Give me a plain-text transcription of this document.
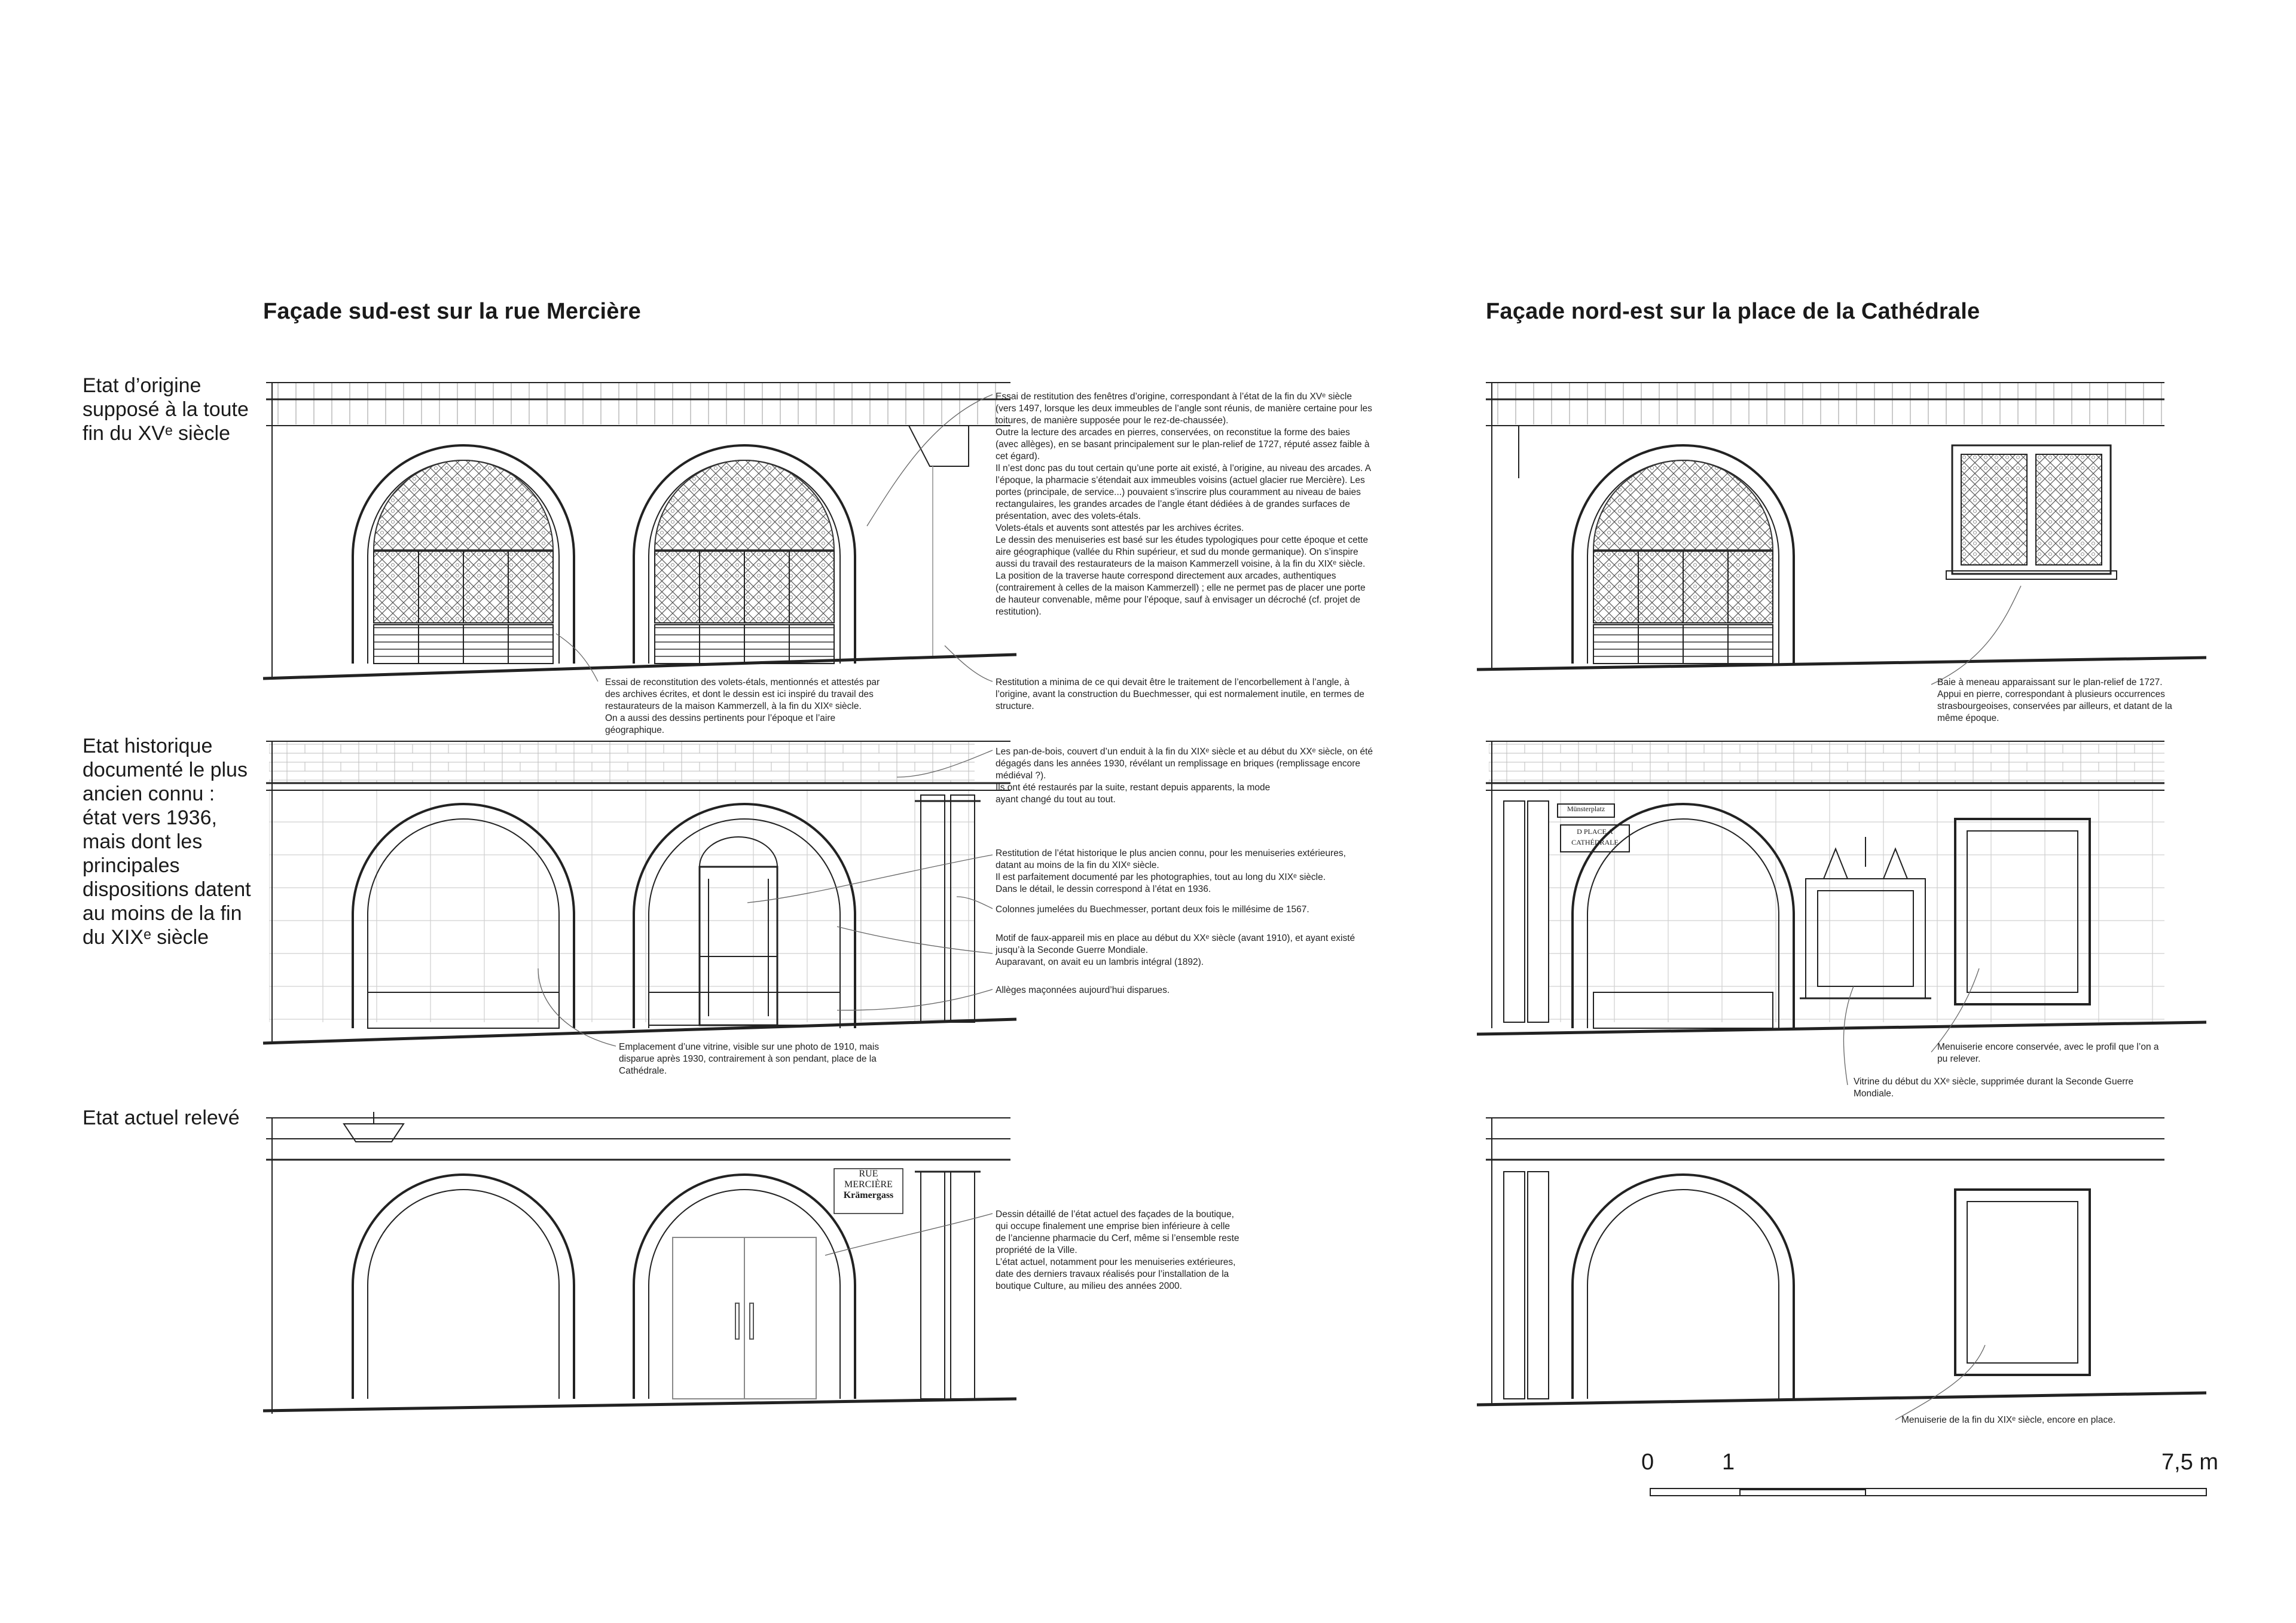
Façade sud-est sur la rue Mercière	Façade nord-est sur la place de la Cathédrale
Etat d’origine
supposé à la toute
fin du XVᵉ siècle
Etat historique
documenté le plus
ancien connu :
état vers 1936,
mais dont les
principales
dispositions datent
au moins de la fin
du XIXᵉ siècle
Etat actuel relevé
RUE
MERCIÈRE
Krämergass
Münsterplatz
D PLACE A
CATHÉDRALE
Essai de restitution des fenêtres d’origine, correspondant à l’état de la fin du XVᵉ siècle
(vers 1497, lorsque les deux immeubles de l’angle sont réunis, de manière certaine pour les
toitures, de manière supposée pour le rez-de-chaussée).
Outre la lecture des arcades en pierres, conservées, on reconstitue la forme des baies
(avec allèges), en se basant principalement sur le plan-relief de 1727, réputé assez faible à
cet égard).
Il n’est donc pas du tout certain qu’une porte ait existé, à l’origine, au niveau des arcades. A
l’époque, la pharmacie s’étendait aux immeubles voisins (actuel glacier rue Mercière). Les
portes (principale, de service...) pouvaient s’inscrire plus couramment au niveau de baies
rectangulaires, les grandes arcades de l’angle étant dédiées à de grandes surfaces de
présentation, avec des volets-étals.
Volets-étals et auvents sont attestés par les archives écrites.
Le dessin des menuiseries est basé sur les études typologiques pour cette époque et cette
aire géographique (vallée du Rhin supérieur, et sud du monde germanique). On s’inspire
aussi du travail des restaurateurs de la maison Kammerzell voisine, à la fin du XIXᵉ siècle.
La position de la traverse haute correspond directement aux arcades, authentiques
(contrairement à celles de la maison Kammerzell) ; elle ne permet pas de placer une porte
de hauteur convenable, même pour l’époque, sauf à envisager un décroché (cf. projet de
restitution).
Essai de reconstitution des volets-étals, mentionnés et attestés par
des archives écrites, et dont le dessin est ici inspiré du travail des
restaurateurs de la maison Kammerzell, à la fin du XIXᵉ siècle.
On a aussi des dessins pertinents pour l’époque et l’aire
géographique.
Restitution a minima de ce qui devait être le traitement de l’encorbellement à l’angle, à
l’origine, avant la construction du Buechmesser, qui est normalement inutile, en termes de
structure.
Baie à meneau apparaissant sur le plan-relief de 1727.
Appui en pierre, correspondant à plusieurs occurrences
strasbourgeoises, conservées par ailleurs, et datant de la
même époque.
Les pan-de-bois, couvert d’un enduit à la fin du XIXᵉ siècle et au début du XXᵉ siècle, on été
dégagés dans les années 1930, révélant un remplissage en briques (remplissage encore
médiéval ?).
Ils ont été restaurés par la suite, restant depuis apparents, la mode
ayant changé du tout au tout.
Restitution de l’état historique le plus ancien connu, pour les menuiseries extérieures,
datant au moins de la fin du XIXᵉ siècle.
Il est parfaitement documenté par les photographies, tout au long du XIXᵉ siècle.
Dans le détail, le dessin correspond à l’état en 1936.
Colonnes jumelées du Buechmesser, portant deux fois le millésime de 1567.
Motif de faux-appareil mis en place au début du XXᵉ siècle (avant 1910), et ayant existé
jusqu’à la Seconde Guerre Mondiale.
Auparavant, on avait eu un lambris intégral (1892).
Allèges maçonnées aujourd’hui disparues.
Emplacement d’une vitrine, visible sur une photo de 1910, mais
disparue après 1930, contrairement à son pendant, place de la
Cathédrale.
Menuiserie encore conservée, avec le profil que l’on a
pu relever.
Vitrine du début du XXᵉ siècle, supprimée durant la Seconde Guerre
Mondiale.
Dessin détaillé de l’état actuel des façades de la boutique,
qui occupe finalement une emprise bien inférieure à celle
de l’ancienne pharmacie du Cerf, même si l’ensemble reste
propriété de la Ville.
L’état actuel, notamment pour les menuiseries extérieures,
date des derniers travaux réalisés pour l’installation de la
boutique Culture, au milieu des années 2000.
Menuiserie de la fin du XIXᵉ siècle, encore en place.
0	1	7,5 m
